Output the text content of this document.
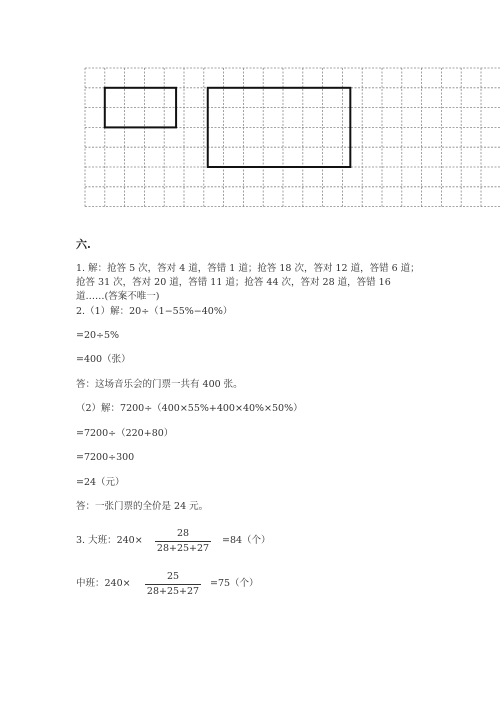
六.
1. 解：抢答 5 次，答对 4 道，答错 1 道；抢答 18 次，答对 12 道，答错 6 道；
抢答 31 次，答对 20 道，答错 11 道；抢答 44 次，答对 28 道，答错 16
道……(答案不唯一)
2.（1）解：20÷（1−55%−40%）
=20÷5%
=400（张）
答：这场音乐会的门票一共有 400 张。
（2）解：7200÷（400×55%+400×40%×50%）
=7200÷（220+80）
=7200÷300
=24（元）
答：一张门票的全价是 24 元。
3. 大班：240×
28
28+25+27
=84（个）
中班：240×
25
28+25+27
=75（个）
